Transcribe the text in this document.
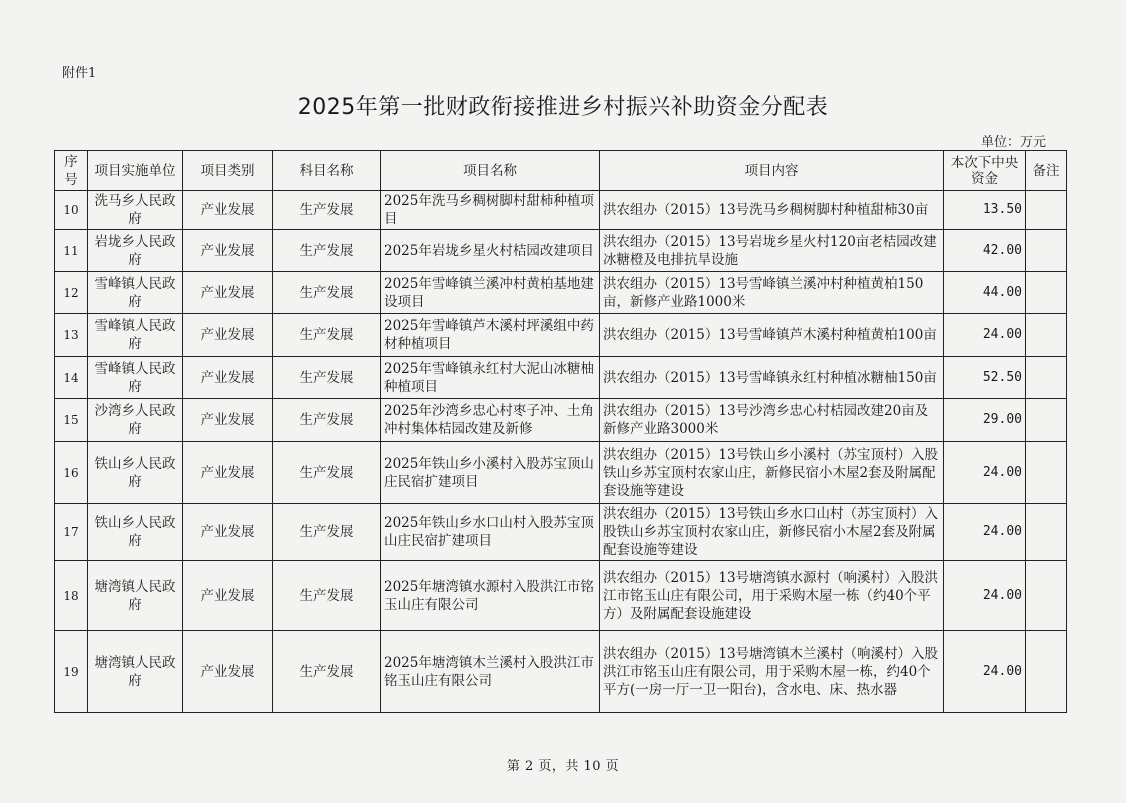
附件1
2025年第一批财政衔接推进乡村振兴补助资金分配表
单位：万元
序号	项目实施单位	项目类别	科目名称	项目名称	项目内容	本次下中央资金	备注
10	洗马乡人民政府	产业发展	生产发展	2025年洗马乡稠树脚村甜柿种植项目	洪农组办（2015）13号洗马乡稠树脚村种植甜柿30亩	13.50	
11	岩垅乡人民政府	产业发展	生产发展	2025年岩垅乡星火村桔园改建项目	洪农组办（2015）13号岩垅乡星火村120亩老桔园改建冰糖橙及电排抗旱设施	42.00	
12	雪峰镇人民政府	产业发展	生产发展	2025年雪峰镇兰溪冲村黄柏基地建设项目	洪农组办（2015）13号雪峰镇兰溪冲村种植黄柏150亩，新修产业路1000米	44.00	
13	雪峰镇人民政府	产业发展	生产发展	2025年雪峰镇芦木溪村坪溪组中药材种植项目	洪农组办（2015）13号雪峰镇芦木溪村种植黄柏100亩	24.00	
14	雪峰镇人民政府	产业发展	生产发展	2025年雪峰镇永红村大泥山冰糖柚种植项目	洪农组办（2015）13号雪峰镇永红村种植冰糖柚150亩	52.50	
15	沙湾乡人民政府	产业发展	生产发展	2025年沙湾乡忠心村枣子冲、土角冲村集体桔园改建及新修	洪农组办（2015）13号沙湾乡忠心村桔园改建20亩及新修产业路3000米	29.00	
16	铁山乡人民政府	产业发展	生产发展	2025年铁山乡小溪村入股苏宝顶山庄民宿扩建项目	洪农组办（2015）13号铁山乡小溪村（苏宝顶村）入股铁山乡苏宝顶村农家山庄，新修民宿小木屋2套及附属配套设施等建设	24.00	
17	铁山乡人民政府	产业发展	生产发展	2025年铁山乡水口山村入股苏宝顶山庄民宿扩建项目	洪农组办（2015）13号铁山乡水口山村（苏宝顶村）入股铁山乡苏宝顶村农家山庄，新修民宿小木屋2套及附属配套设施等建设	24.00	
18	塘湾镇人民政府	产业发展	生产发展	2025年塘湾镇水源村入股洪江市铭玉山庄有限公司	洪农组办（2015）13号塘湾镇水源村（响溪村）入股洪江市铭玉山庄有限公司，用于采购木屋一栋（约40个平方）及附属配套设施建设	24.00	
19	塘湾镇人民政府	产业发展	生产发展	2025年塘湾镇木兰溪村入股洪江市铭玉山庄有限公司	洪农组办（2015）13号塘湾镇木兰溪村（响溪村）入股洪江市铭玉山庄有限公司，用于采购木屋一栋，约40个平方(一房一厅一卫一阳台)，含水电、床、热水器	24.00	
第 2 页，共 10 页
